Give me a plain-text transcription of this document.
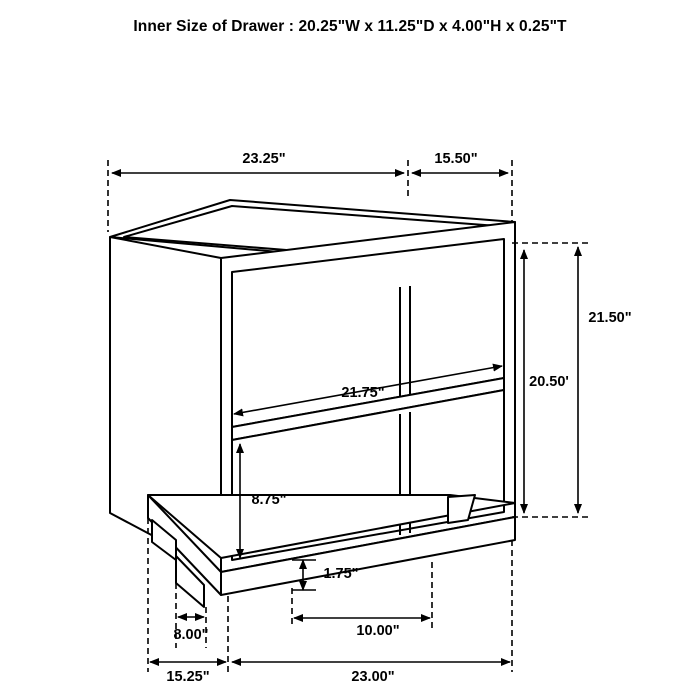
Inner Size of Drawer : 20.25"W x 11.25"D x 4.00"H x 0.25"T
23.25"	15.50"
21.50"
20.50'
21.75"
8.75"
1.75"
8.00"	10.00"
15.25"	23.00"
